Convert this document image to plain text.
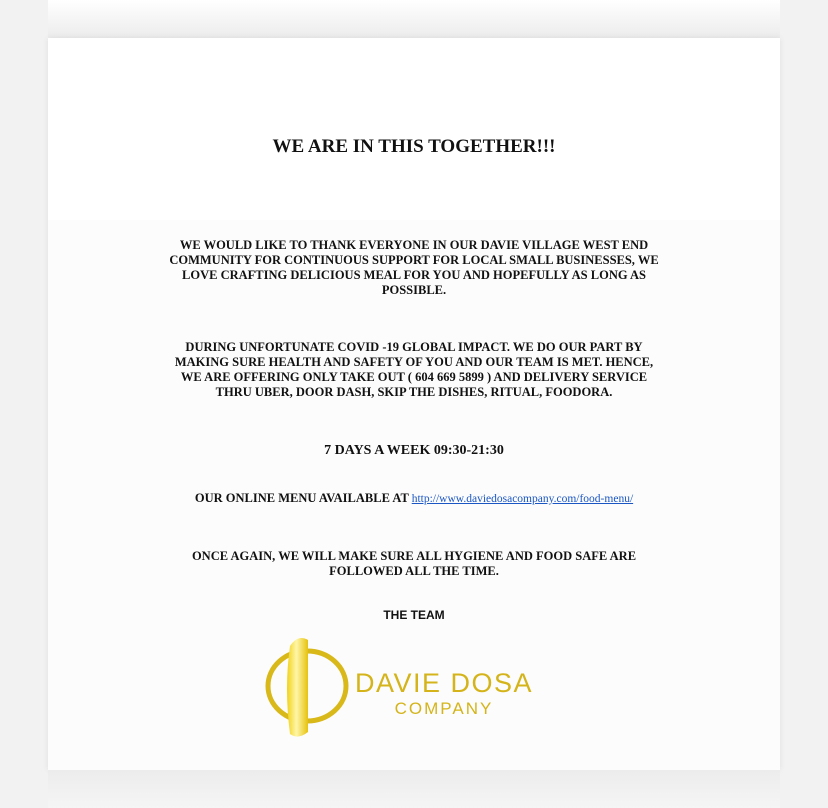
WE ARE IN THIS TOGETHER!!!
WE WOULD LIKE TO THANK EVERYONE IN OUR DAVIE VILLAGE WEST END COMMUNITY FOR CONTINUOUS SUPPORT FOR LOCAL SMALL BUSINESSES, WE LOVE CRAFTING DELICIOUS MEAL FOR YOU AND HOPEFULLY AS LONG AS POSSIBLE.
DURING UNFORTUNATE COVID -19 GLOBAL IMPACT. WE DO OUR PART BY MAKING SURE HEALTH AND SAFETY OF YOU AND OUR TEAM IS MET. HENCE, WE ARE OFFERING ONLY TAKE OUT ( 604 669 5899 ) AND DELIVERY SERVICE THRU UBER, DOOR DASH, SKIP THE DISHES, RITUAL, FOODORA.
7 DAYS A WEEK 09:30-21:30
OUR ONLINE MENU AVAILABLE AT http://www.daviedosacompany.com/food-menu/
ONCE AGAIN, WE WILL MAKE SURE ALL HYGIENE AND FOOD SAFE ARE FOLLOWED ALL THE TIME.
THE TEAM
DAVIE DOSA
COMPANY
